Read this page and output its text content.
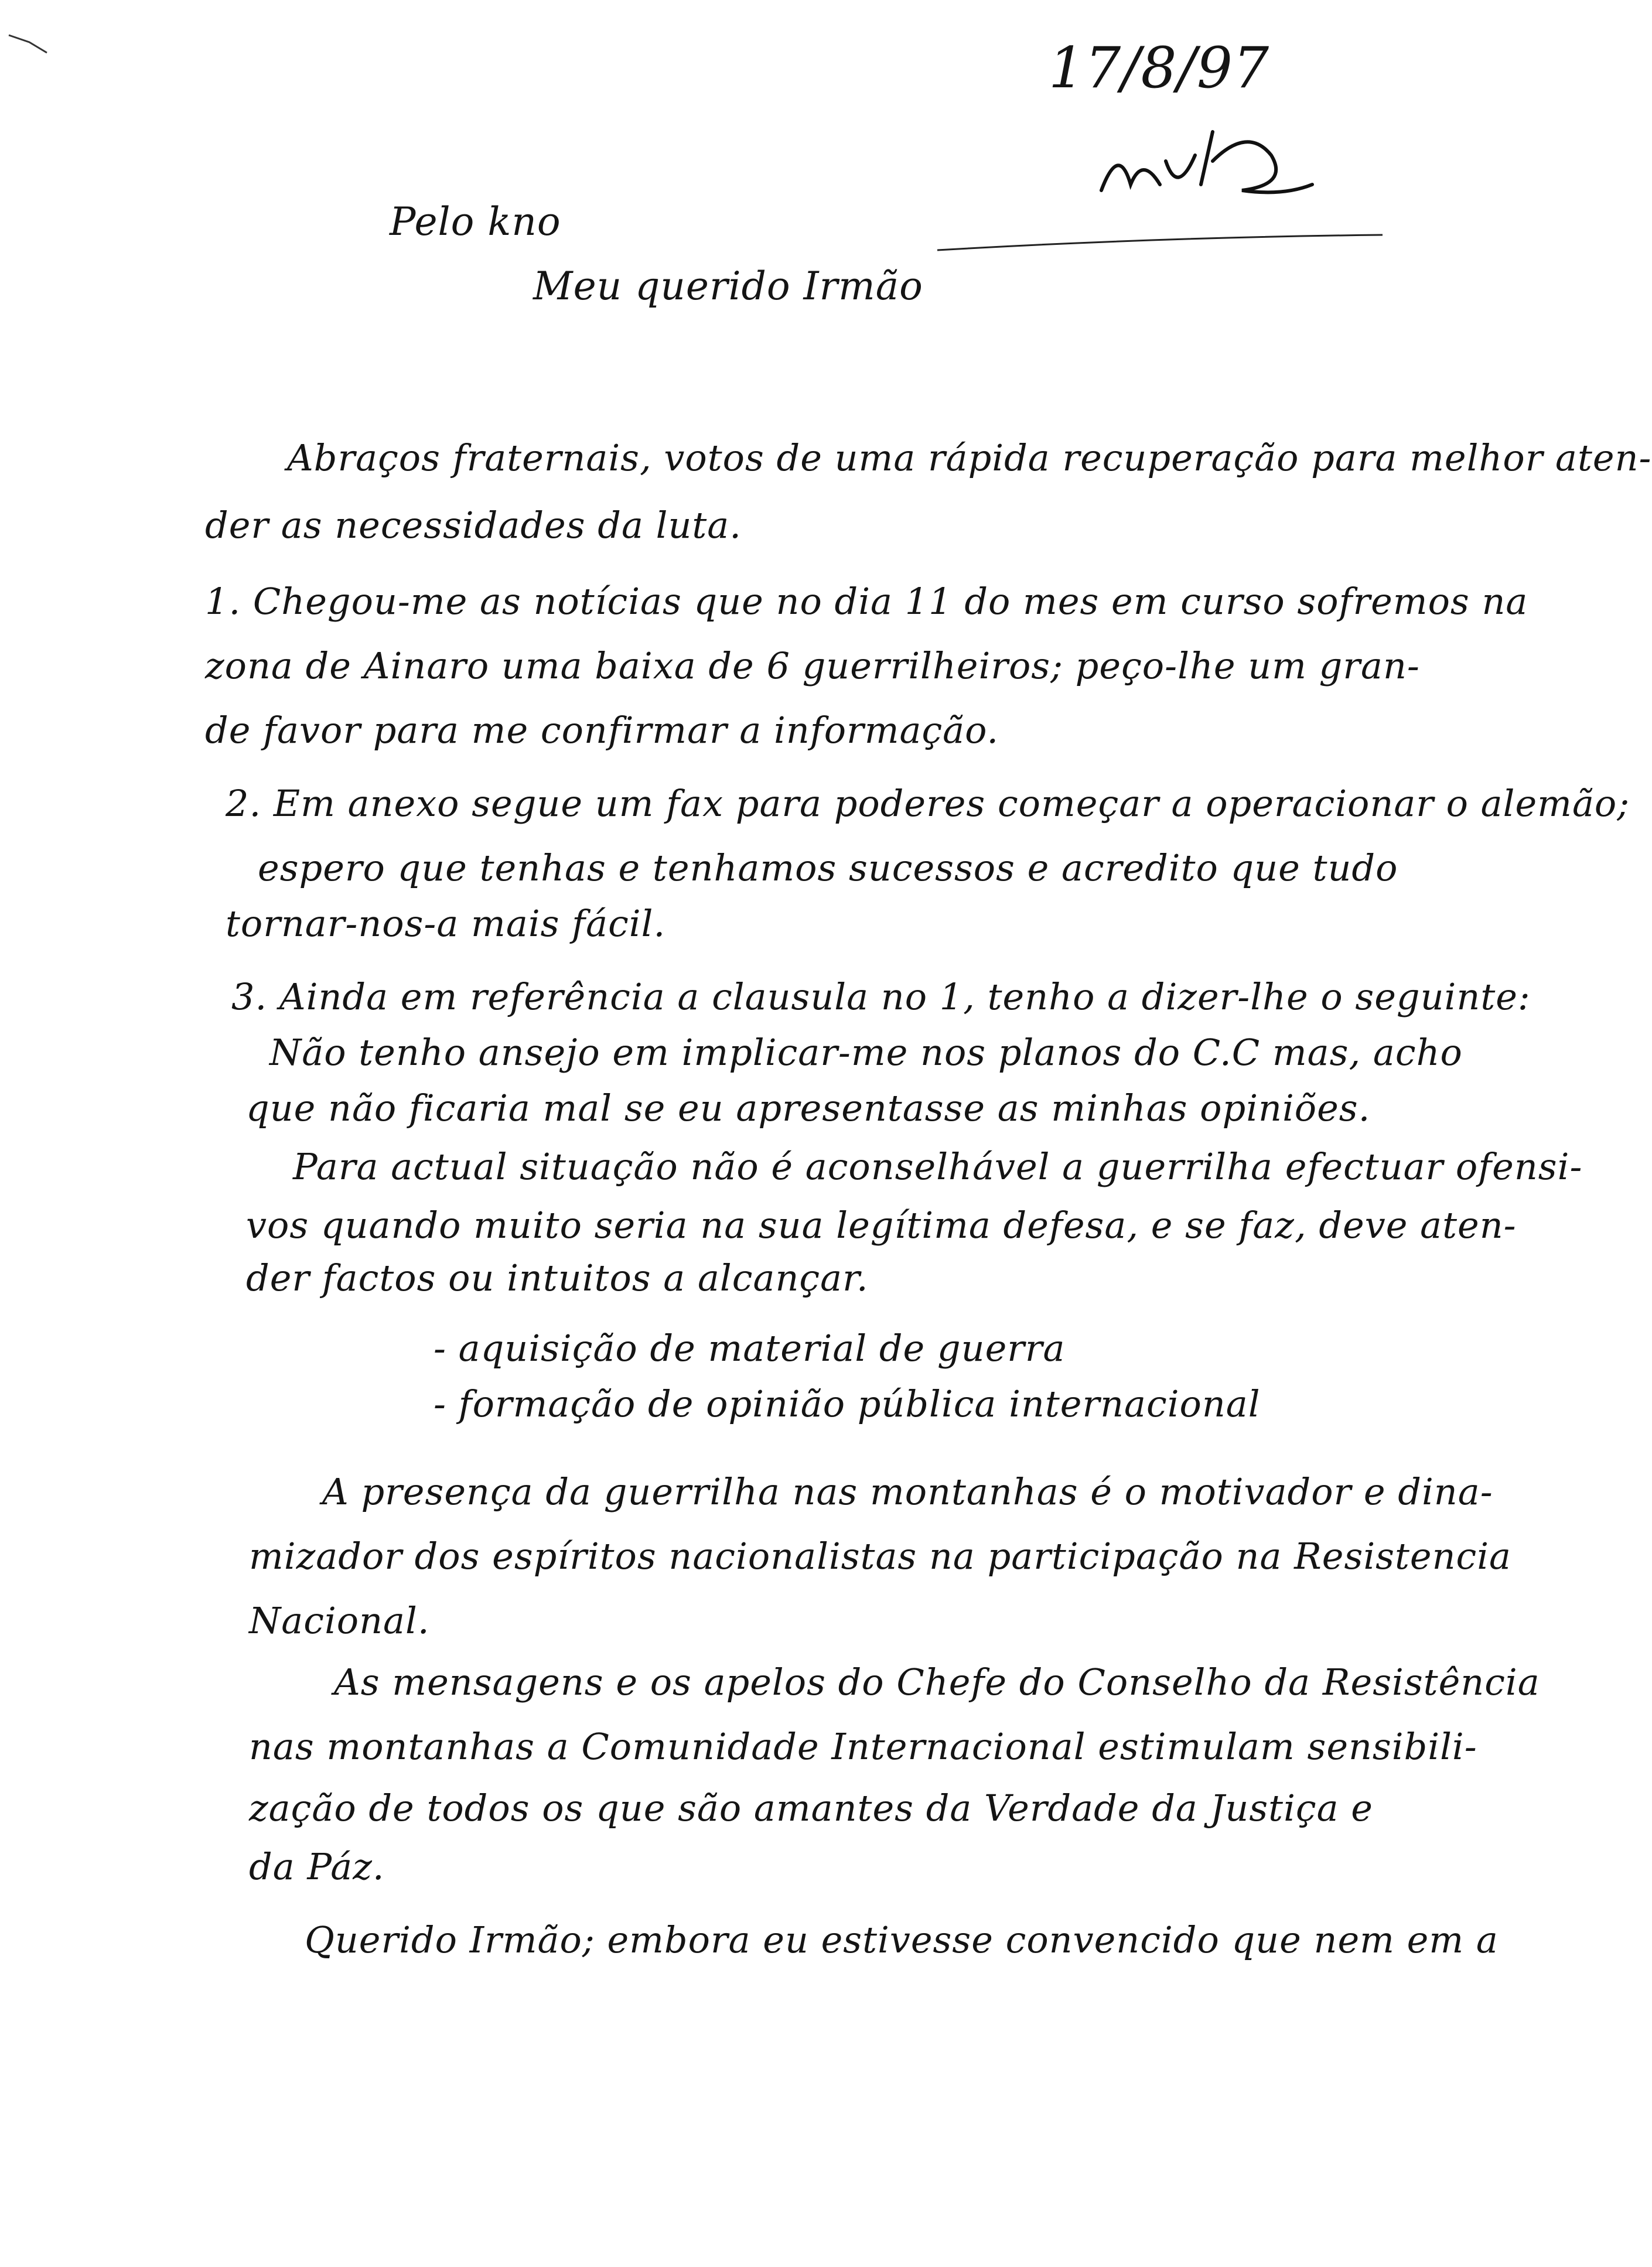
17/8/97
Pelo kno
Meu querido Irmão
Abraços fraternais, votos de uma rápida recuperação para melhor aten-
der as necessidades da luta.
1. Chegou-me as notícias que no dia 11 do mes em curso sofremos na
zona de Ainaro uma baixa de 6 guerrilheiros; peço-lhe um gran-
de favor para me confirmar a informação.
2. Em anexo segue um fax para poderes começar a operacionar o alemão;
espero que tenhas e tenhamos sucessos e acredito que tudo
tornar-nos-a mais fácil.
3. Ainda em referência a clausula no 1, tenho a dizer-lhe o seguinte:
Não tenho ansejo em implicar-me nos planos do C.C mas, acho
que não ficaria mal se eu apresentasse as minhas opiniões.
Para actual situação não é aconselhável a guerrilha efectuar ofensi-
vos quando muito seria na sua legítima defesa, e se faz, deve aten-
der factos ou intuitos a alcançar.
- aquisição de material de guerra
- formação de opinião pública internacional
A presença da guerrilha nas montanhas é o motivador e dina-
mizador dos espíritos nacionalistas na participação na Resistencia
Nacional.
As mensagens e os apelos do Chefe do Conselho da Resistência
nas montanhas a Comunidade Internacional estimulam sensibili-
zação de todos os que são amantes da Verdade da Justiça e
da Páz.
Querido Irmão; embora eu estivesse convencido que nem em a
